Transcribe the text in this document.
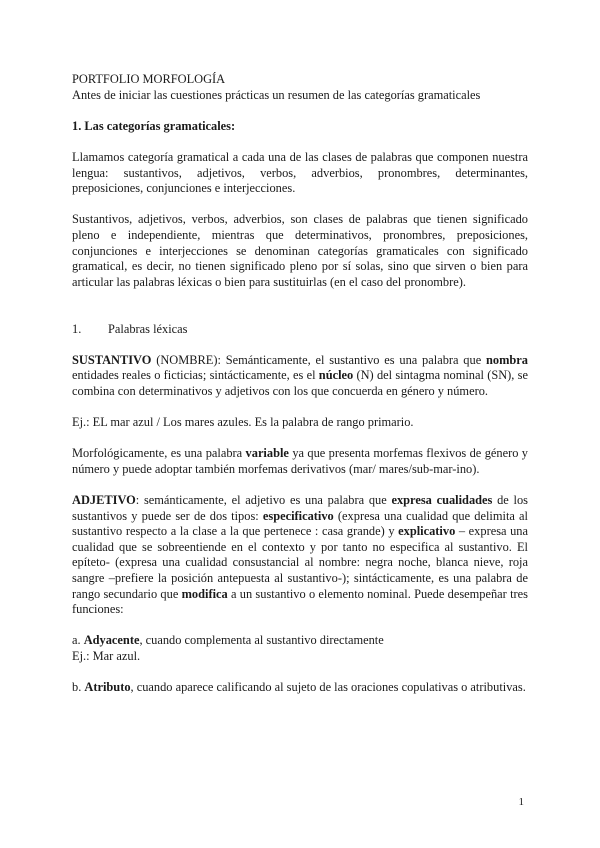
PORTFOLIO MORFOLOGÍA

Antes de iniciar las cuestiones prácticas un resumen de las categorías gramaticales

1. Las categorías gramaticales:

Llamamos categoría gramatical a cada una de las clases de palabras que componen nuestra lengua: sustantivos, adjetivos, verbos, adverbios, pronombres, determinantes, preposiciones, conjunciones e interjecciones.

Sustantivos, adjetivos, verbos, adverbios, son clases de palabras que tienen significado pleno e independiente, mientras que determinativos, pronombres, preposiciones, conjunciones e interjecciones se denominan categorías gramaticales con significado gramatical, es decir, no tienen significado pleno por sí solas, sino que sirven o bien para articular las palabras léxicas o bien para sustituirlas (en el caso del pronombre).

1. Palabras léxicas

SUSTANTIVO (NOMBRE): Semánticamente, el sustantivo es una palabra que nombra entidades reales o ficticias; sintácticamente, es el núcleo (N) del sintagma nominal (SN), se combina con determinativos y adjetivos con los que concuerda en género y número.

Ej.: EL mar azul / Los mares azules. Es la palabra de rango primario.

Morfológicamente, es una palabra variable ya que presenta morfemas flexivos de género y número y puede adoptar también morfemas derivativos (mar/ mares/sub-mar-ino).

ADJETIVO: semánticamente, el adjetivo es una palabra que expresa cualidades de los sustantivos y puede ser de dos tipos: especificativo (expresa una cualidad que delimita al sustantivo respecto a la clase a la que pertenece : casa grande) y explicativo – expresa una cualidad que se sobreentiende en el contexto y por tanto no especifica al sustantivo. El epíteto- (expresa una cualidad consustancial al nombre: negra noche, blanca nieve, roja sangre –prefiere la posición antepuesta al sustantivo-); sintácticamente, es una palabra de rango secundario que modifica a un sustantivo o elemento nominal. Puede desempeñar tres funciones:

a. Adyacente, cuando complementa al sustantivo directamente

Ej.: Mar azul.

b. Atributo, cuando aparece calificando al sujeto de las oraciones copulativas o atributivas.

1
